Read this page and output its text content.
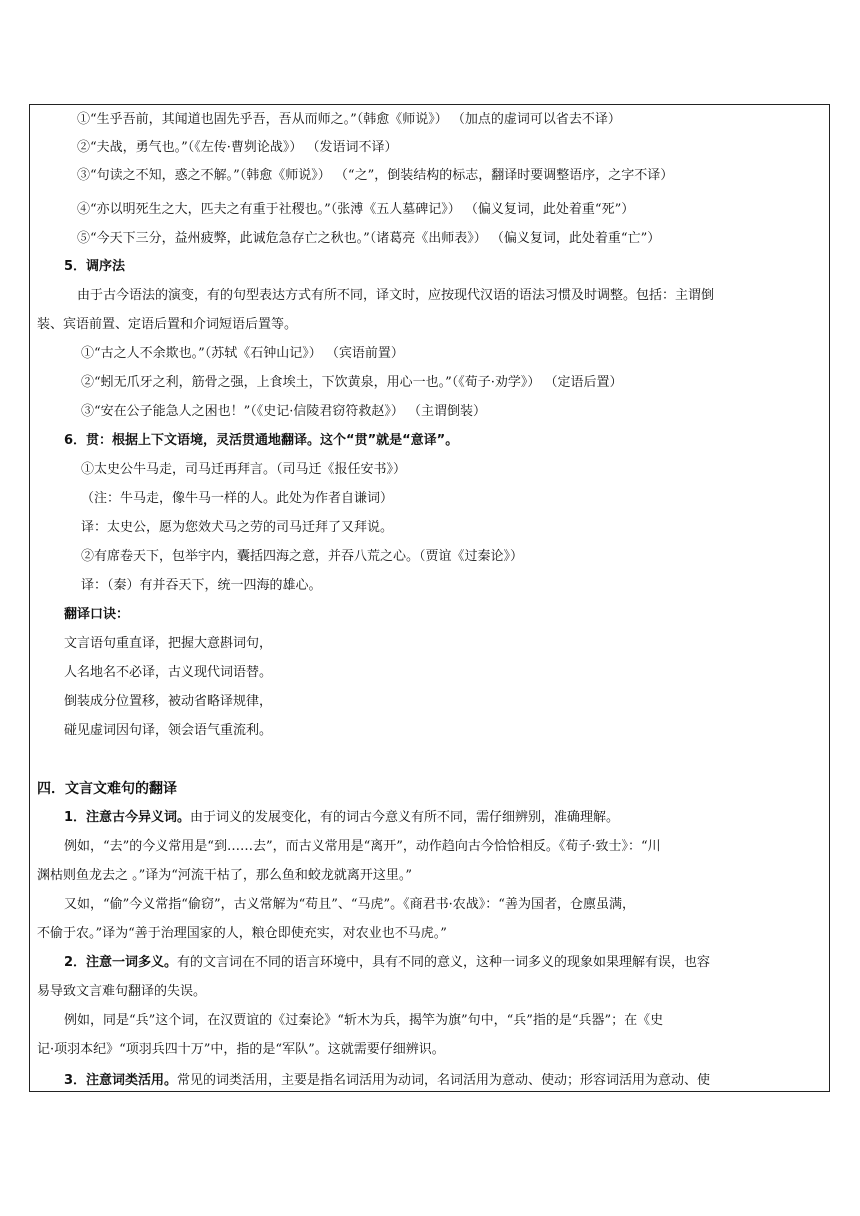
①“生乎吾前，其闻道也固先乎吾，吾从而师之。”（韩愈《师说》） （加点的虚词可以省去不译）
②“夫战，勇气也。”（《左传·曹刿论战》） （发语词不译）
③“句读之不知，惑之不解。”（韩愈《师说》） （“之”，倒装结构的标志，翻译时要调整语序，之字不译）
④“亦以明死生之大，匹夫之有重于社稷也。”（张溥《五人墓碑记》） （偏义复词，此处着重“死”）
⑤“今天下三分，益州疲弊，此诚危急存亡之秋也。”（诸葛亮《出师表》） （偏义复词，此处着重“亡”）
5．调序法
由于古今语法的演变，有的句型表达方式有所不同，译文时，应按现代汉语的语法习惯及时调整。包括：主谓倒
装、宾语前置、定语后置和介词短语后置等。
①“古之人不余欺也。”（苏轼《石钟山记》） （宾语前置）
②“蚓无爪牙之利，筋骨之强，上食埃土，下饮黄泉，用心一也。”（《荀子·劝学》） （定语后置）
③“安在公子能急人之困也！”（《史记·信陵君窃符救赵》） （主谓倒装）
6．贯：根据上下文语境，灵活贯通地翻译。这个“贯”就是“意译”。
①太史公牛马走，司马迁再拜言。（司马迁《报任安书》）
（注：牛马走，像牛马一样的人。此处为作者自谦词）
译：太史公，愿为您效犬马之劳的司马迁拜了又拜说。
②有席卷天下，包举宇内，囊括四海之意，并吞八荒之心。（贾谊《过秦论》）
译：（秦）有并吞天下，统一四海的雄心。
翻译口诀：
文言语句重直译，把握大意斟词句，
人名地名不必译，古义现代词语替。
倒装成分位置移，被动省略译规律，
碰见虚词因句译，领会语气重流利。
四．文言文难句的翻译
1．注意古今异义词。由于词义的发展变化，有的词古今意义有所不同，需仔细辨别，准确理解。
例如，“去”的今义常用是“到……去”，而古义常用是“离开”，动作趋向古今恰恰相反。《荀子·致士》：“川
渊枯则鱼龙去之 。”译为“河流干枯了，那么鱼和蛟龙就离开这里。”
又如，“偷”今义常指“偷窃”，古义常解为“苟且”、“马虎”。《商君书·农战》：“善为国者，仓廪虽满，
不偷于农。”译为“善于治理国家的人，粮仓即使充实，对农业也不马虎。”
2．注意一词多义。有的文言词在不同的语言环境中，具有不同的意义，这种一词多义的现象如果理解有误，也容
易导致文言难句翻译的失误。
例如，同是“兵”这个词，在汉贾谊的《过秦论》“斩木为兵，揭竿为旗”句中，“兵”指的是“兵器”；在《史
记·项羽本纪》“项羽兵四十万”中，指的是“军队”。这就需要仔细辨识。
3．注意词类活用。常见的词类活用，主要是指名词活用为动词，名词活用为意动、使动；形容词活用为意动、使
